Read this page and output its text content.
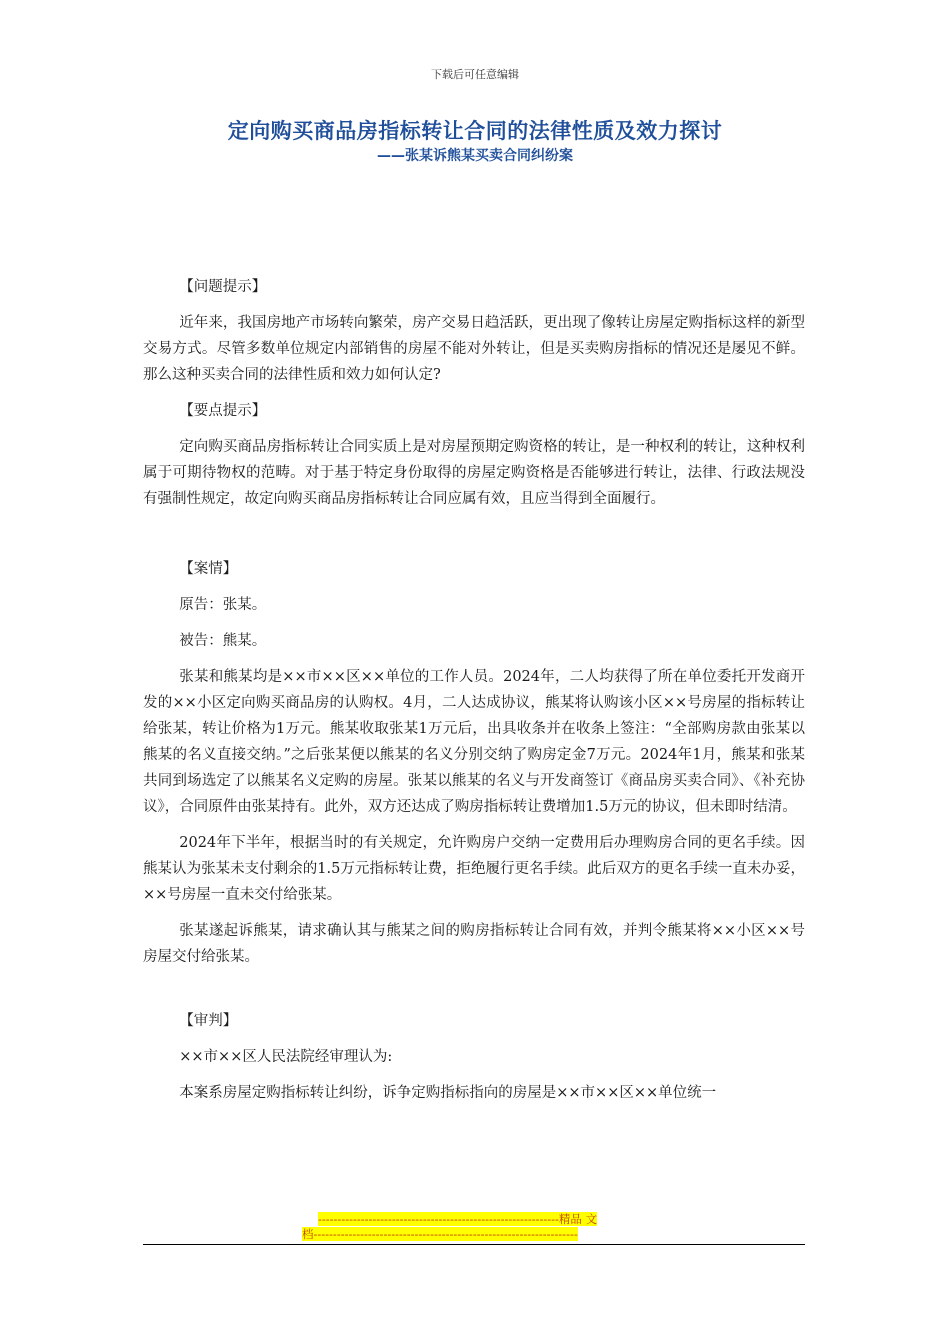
下载后可任意编辑
定向购买商品房指标转让合同的法律性质及效力探讨
——张某诉熊某买卖合同纠纷案

【问题提示】

近年来，我国房地产市场转向繁荣，房产交易日趋活跃，更出现了像转让房屋定购指标这样的新型交易方式。尽管多数单位规定内部销售的房屋不能对外转让，但是买卖购房指标的情况还是屡见不鲜。那么这种买卖合同的法律性质和效力如何认定?

【要点提示】

定向购买商品房指标转让合同实质上是对房屋预期定购资格的转让，是一种权利的转让，这种权利属于可期待物权的范畴。对于基于特定身份取得的房屋定购资格是否能够进行转让，法律、行政法规没有强制性规定，故定向购买商品房指标转让合同应属有效，且应当得到全面履行。

【案情】

原告：张某。

被告：熊某。

张某和熊某均是××市××区××单位的工作人员。2024年，二人均获得了所在单位委托开发商开发的××小区定向购买商品房的认购权。4月，二人达成协议，熊某将认购该小区××号房屋的指标转让给张某，转让价格为1万元。熊某收取张某1万元后，出具收条并在收条上签注：“全部购房款由张某以熊某的名义直接交纳。”之后张某便以熊某的名义分别交纳了购房定金7万元。2024年1月，熊某和张某共同到场选定了以熊某名义定购的房屋。张某以熊某的名义与开发商签订《商品房买卖合同》、《补充协议》，合同原件由张某持有。此外，双方还达成了购房指标转让费增加1.5万元的协议，但未即时结清。

2024年下半年，根据当时的有关规定，允许购房户交纳一定费用后办理购房合同的更名手续。因熊某认为张某未支付剩余的1.5万元指标转让费，拒绝履行更名手续。此后双方的更名手续一直未办妥，××号房屋一直未交付给张某。

张某遂起诉熊某，请求确认其与熊某之间的购房指标转让合同有效，并判令熊某将××小区××号房屋交付给张某。

【审判】

××市××区人民法院经审理认为:

本案系房屋定购指标转让纠纷，诉争定购指标指向的房屋是××市××区××单位统一

--------------------------------------------------------------精品 文
档--------------------------------------------------------------------
